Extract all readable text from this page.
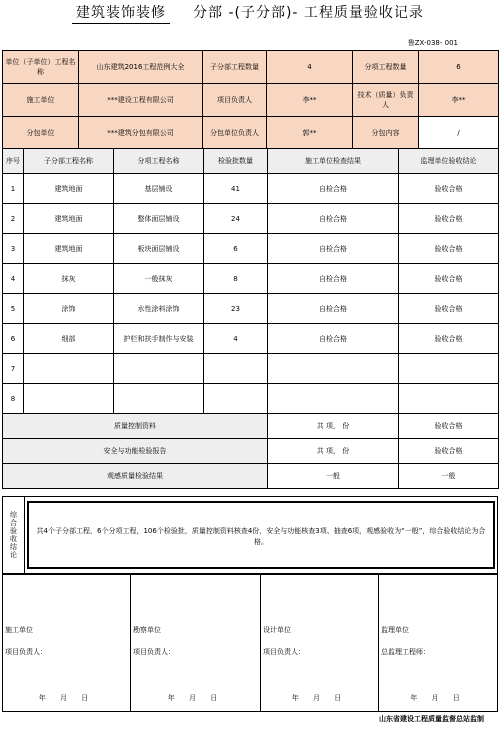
建筑装饰装修 分部 -(子分部)- 工程质量验收记录
鲁ZX-038- 001
单位（子单位）工程名称	山东建筑2016工程范例大全	子分部工程数量	4	分项工程数量	6
施工单位	***建设工程有限公司	项目负责人	李**	技术（质量）负责人	李**
分包单位	***建筑分包有限公司	分包单位负责人	郭**	分包内容	/
序号	子分部工程名称	分项工程名称	检验批数量	施工单位检查结果	监理单位验收结论
1	建筑地面	基层铺设	41	自检合格	验收合格
2	建筑地面	整体面层铺设	24	自检合格	验收合格
3	建筑地面	板块面层铺设	6	自检合格	验收合格
4	抹灰	一般抹灰	8	自检合格	验收合格
5	涂饰	水性涂料涂饰	23	自检合格	验收合格
6	细部	护栏和扶手制作与安装	4	自检合格	验收合格
7					
8					
质量控制资料				共 项， 份	验收合格
安全与功能检验报告				共 项， 份	验收合格
观感质量检验结果				一般	一般
综合验收结论	共4个子分部工程，6个分项工程，106个检验批，质量控制资料核查4份，安全与功能核查3项、抽查6项，观感验收为“一般”，综合验收结论为合格。
施工单位
项目负责人：
年 月 日
勘察单位
项目负责人：
年 月 日
设计单位
项目负责人：
年 月 日
监理单位
总监理工程师：
年 月 日
山东省建设工程质量监督总站监制
